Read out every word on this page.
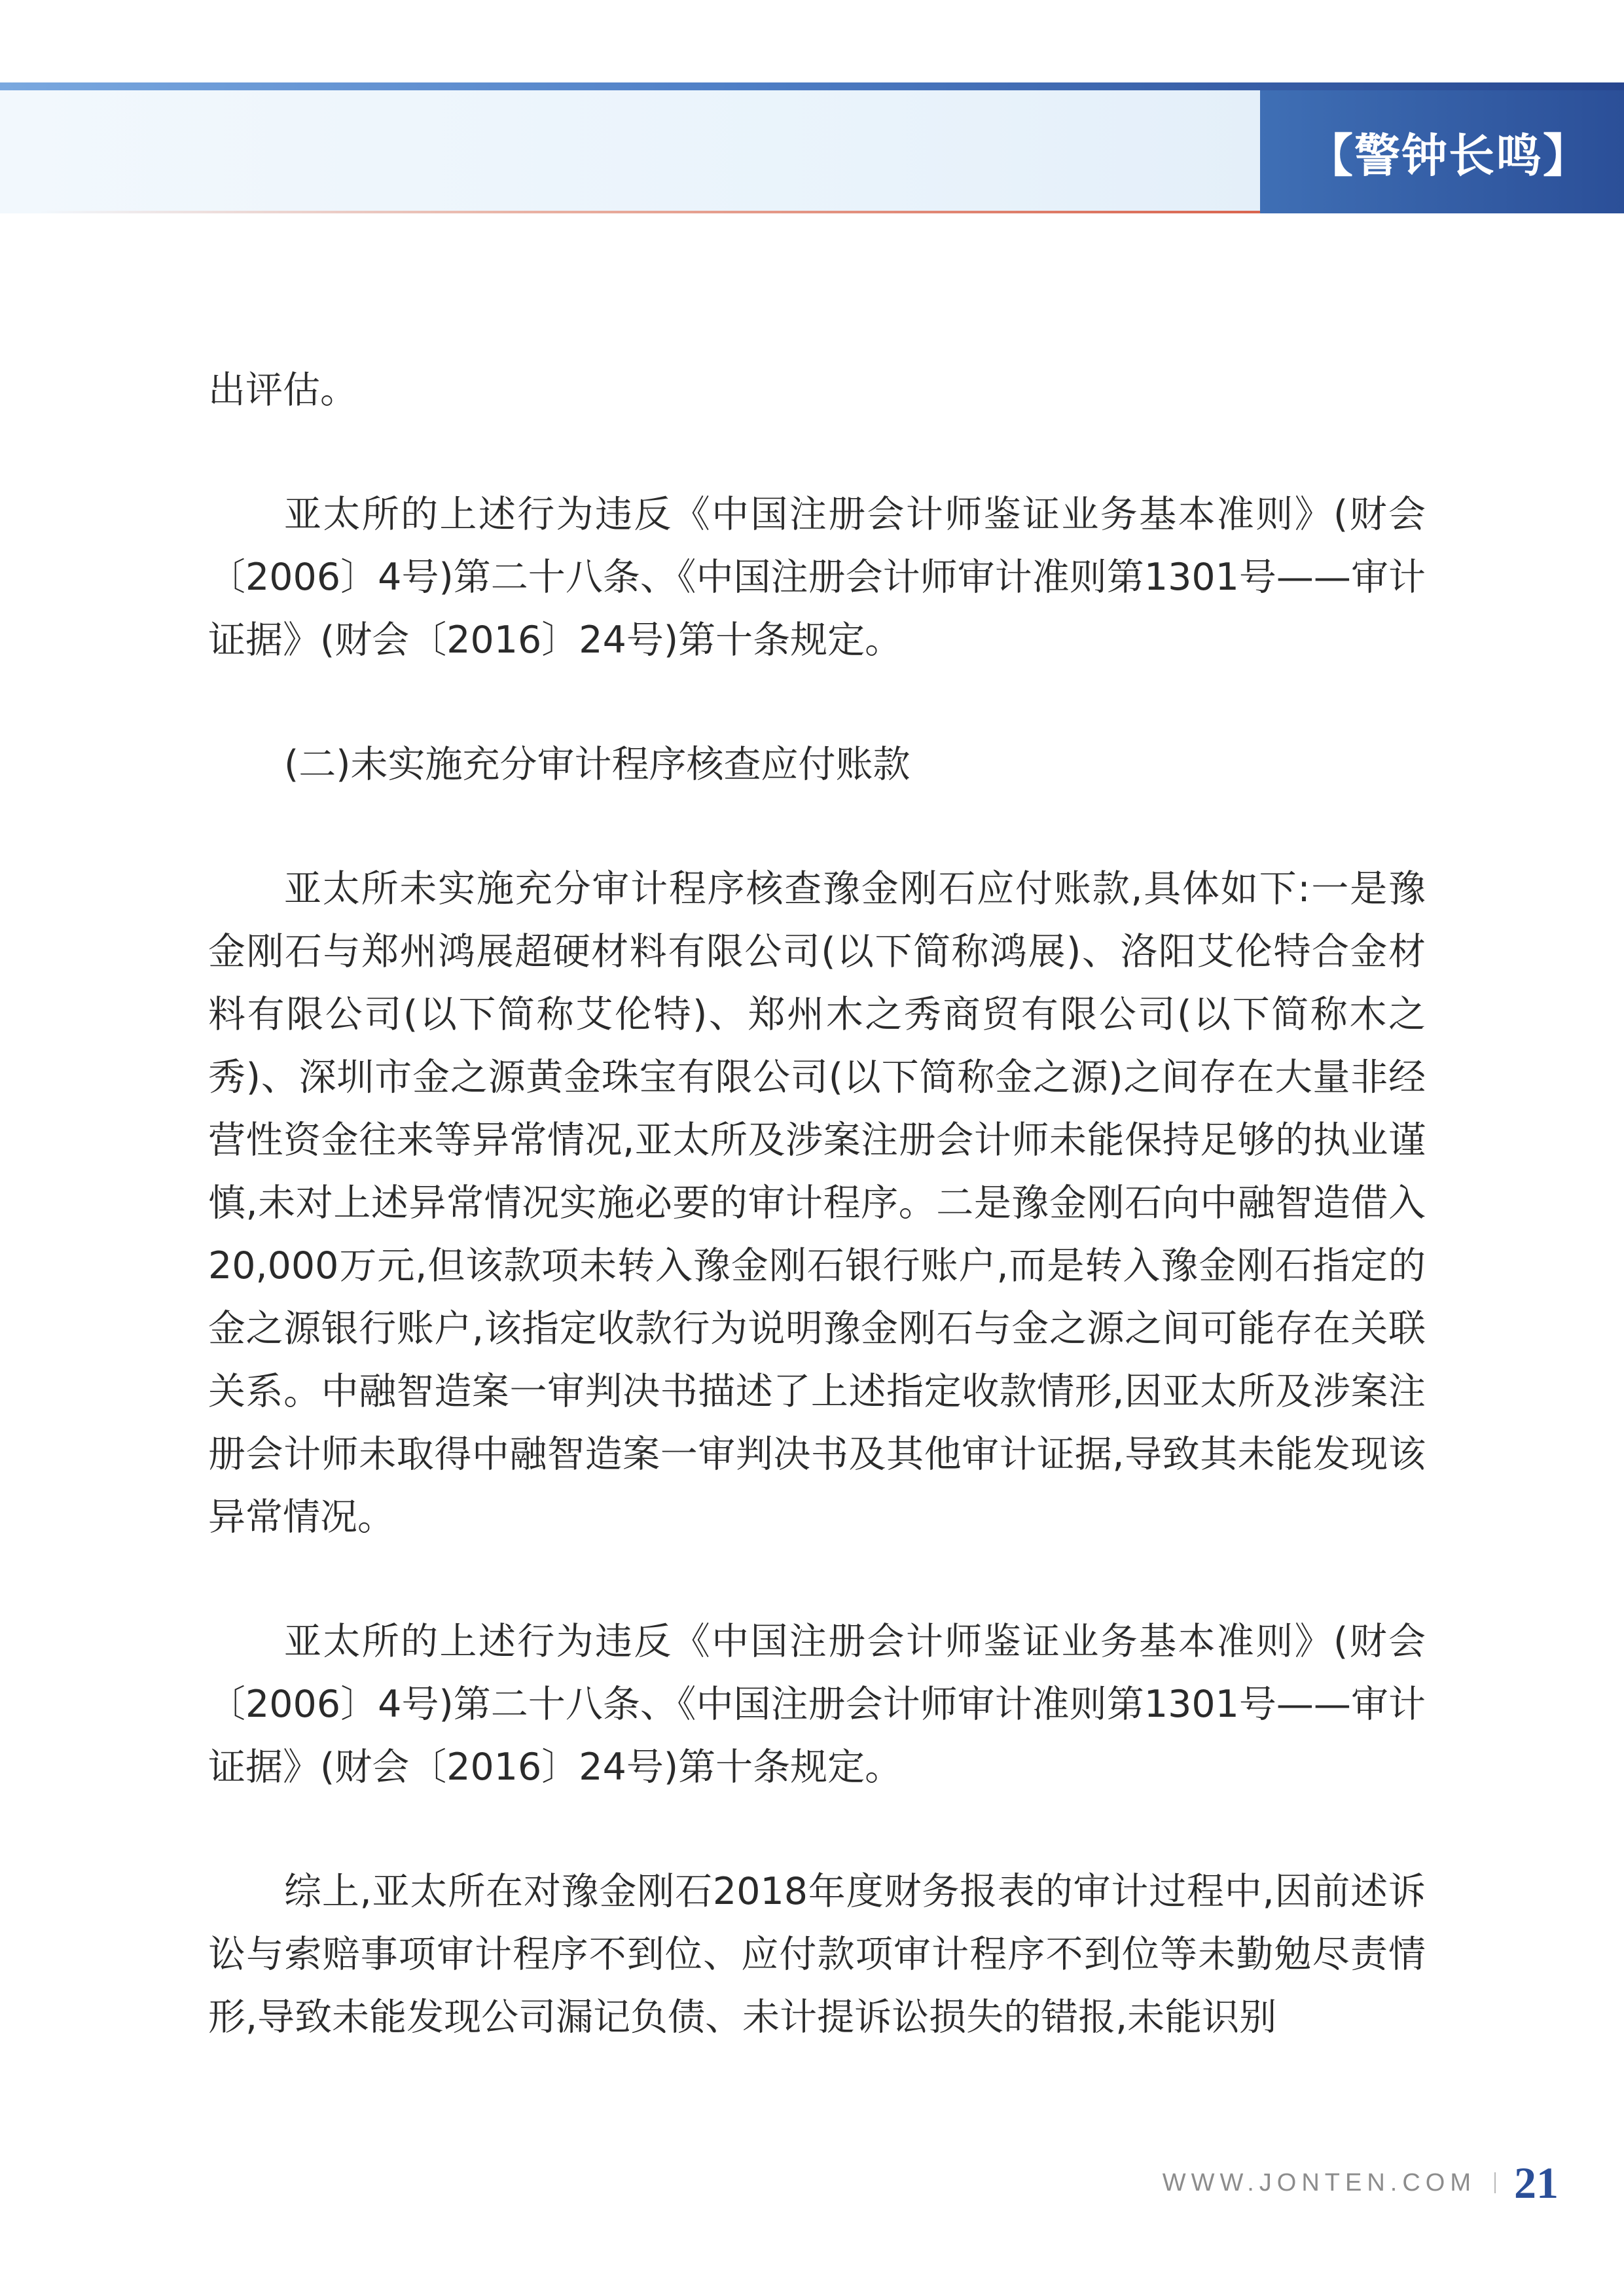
【警钟长鸣】

出评估。

亚太所的上述行为违反《中国注册会计师鉴证业务基本准则》(财会〔2006〕4号)第二十八条、《中国注册会计师审计准则第1301号——审计证据》(财会〔2016〕24号)第十条规定。

(二)未实施充分审计程序核查应付账款

亚太所未实施充分审计程序核查豫金刚石应付账款,具体如下:一是豫金刚石与郑州鸿展超硬材料有限公司(以下简称鸿展)、洛阳艾伦特合金材料有限公司(以下简称艾伦特)、郑州木之秀商贸有限公司(以下简称木之秀)、深圳市金之源黄金珠宝有限公司(以下简称金之源)之间存在大量非经营性资金往来等异常情况,亚太所及涉案注册会计师未能保持足够的执业谨慎,未对上述异常情况实施必要的审计程序。二是豫金刚石向中融智造借入20,000万元,但该款项未转入豫金刚石银行账户,而是转入豫金刚石指定的金之源银行账户,该指定收款行为说明豫金刚石与金之源之间可能存在关联关系。中融智造案一审判决书描述了上述指定收款情形,因亚太所及涉案注册会计师未取得中融智造案一审判决书及其他审计证据,导致其未能发现该异常情况。

亚太所的上述行为违反《中国注册会计师鉴证业务基本准则》(财会〔2006〕4号)第二十八条、《中国注册会计师审计准则第1301号——审计证据》(财会〔2016〕24号)第十条规定。

综上,亚太所在对豫金刚石2018年度财务报表的审计过程中,因前述诉讼与索赔事项审计程序不到位、应付款项审计程序不到位等未勤勉尽责情形,导致未能发现公司漏记负债、未计提诉讼损失的错报,未能识别

WWW.JONTEN.COM 21
